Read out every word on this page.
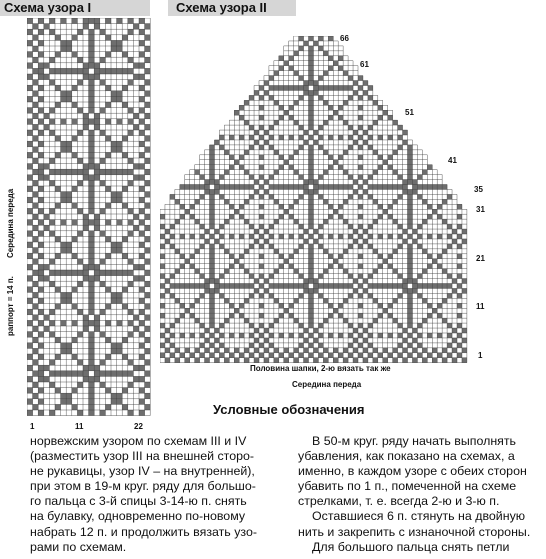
Схема узора I	Схема узора II
Середина переда
раппорт = 14 п.
1	11	22
66
61
51
41
35
31
21
11
1
Половина шапки, 2-ю вязать так же
Середина переда
Условные обозначения

норвежским узором по схемам III и IV

(разместить узор III на внешней сторо-

не рукавицы, узор IV – на внутренней),

при этом в 19-м круг. ряду для большо-

го пальца с 3-й спицы 3-14-ю п. снять

на булавку, одновременно по-новому

набрать 12 п. и продолжить вязать узо-

рами по схемам.

В 50-м круг. ряду начать выполнять

убавления, как показано на схемах, а

именно, в каждом узоре с обеих сторон

убавить по 1 п., помеченной на схеме

стрелками, т. е. всегда 2-ю и 3-ю п.

Оставшиеся 6 п. стянуть на двойную

нить и закрепить с изнаночной стороны.

Для большого пальца снять петли
